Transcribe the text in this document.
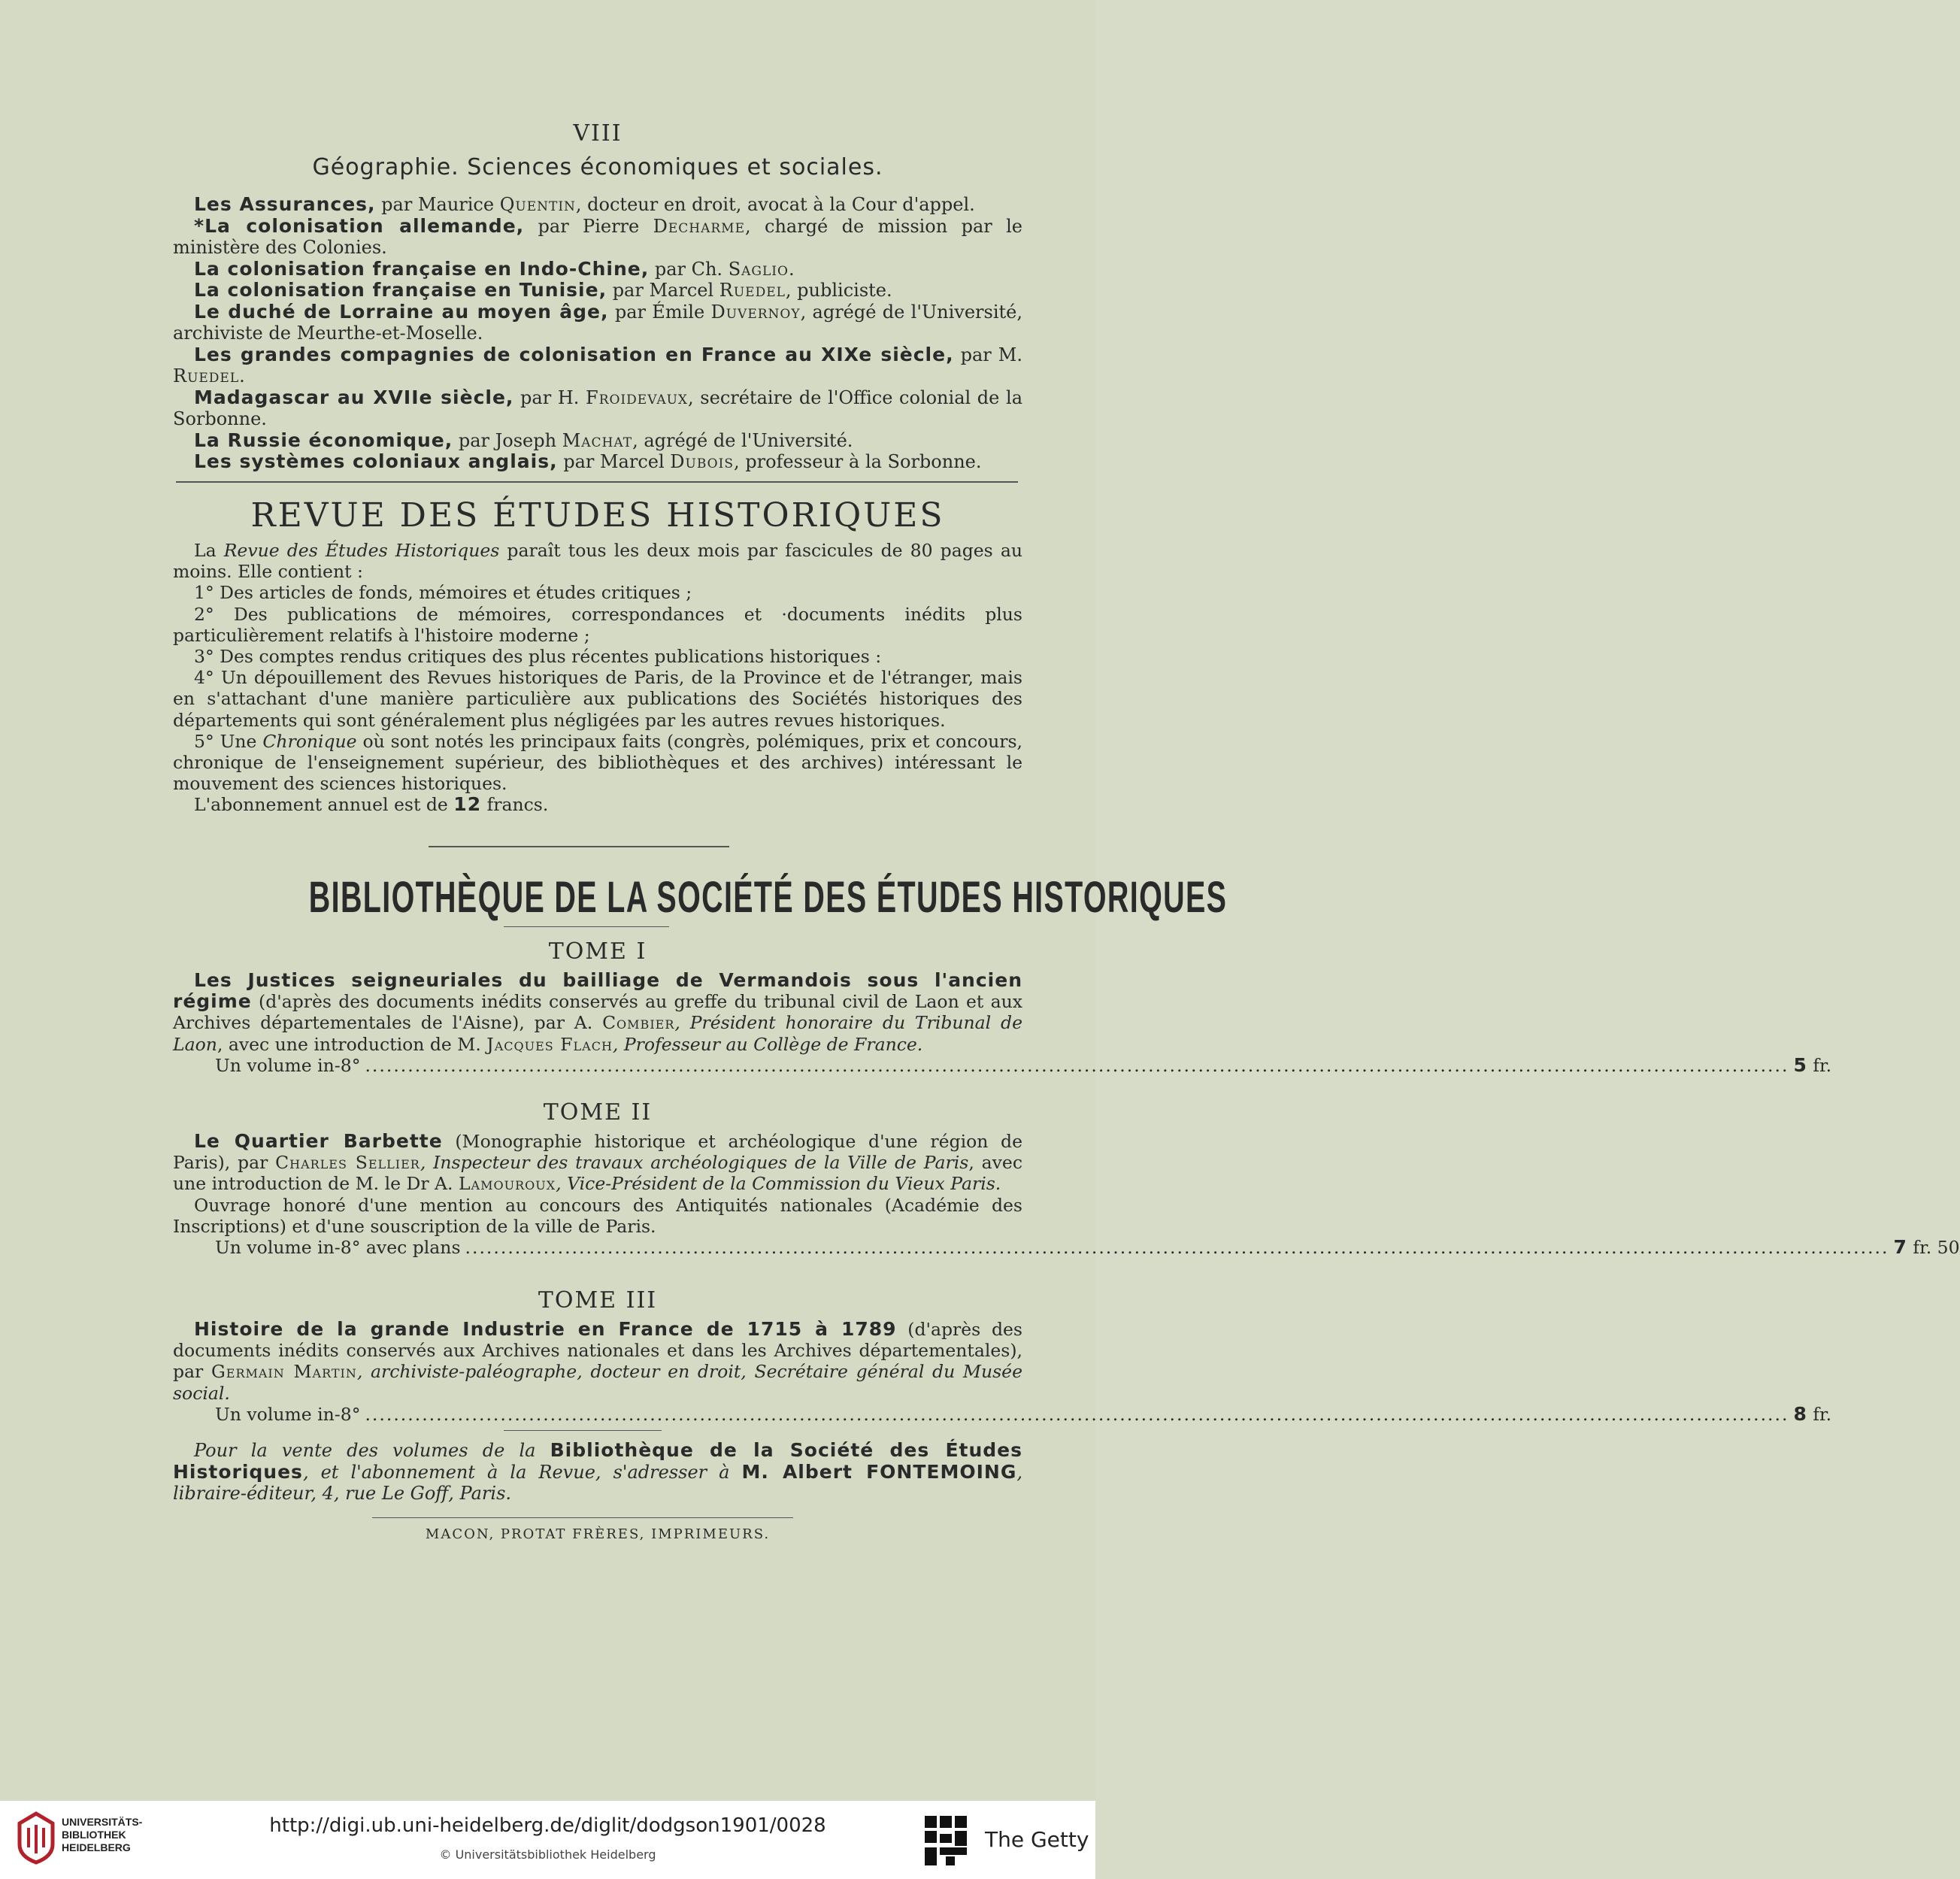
VIII
Géographie. Sciences économiques et sociales.

Les Assurances, par Maurice Quentin, docteur en droit, avocat à la Cour d'appel.

*La colonisation allemande, par Pierre Decharme, chargé de mission par le ministère des Colonies.

La colonisation française en Indo-Chine, par Ch. Saglio.

La colonisation française en Tunisie, par Marcel Ruedel, publiciste.

Le duché de Lorraine au moyen âge, par Émile Duvernoy, agrégé de l'Université, archiviste de Meurthe-et-Moselle.

Les grandes compagnies de colonisation en France au XIXe siècle, par M. Ruedel.

Madagascar au XVIIe siècle, par H. Froidevaux, secrétaire de l'Office colonial de la Sorbonne.

La Russie économique, par Joseph Machat, agrégé de l'Université.

Les systèmes coloniaux anglais, par Marcel Dubois, professeur à la Sorbonne.

REVUE DES ÉTUDES HISTORIQUES

La Revue des Études Historiques paraît tous les deux mois par fascicules de 80 pages au moins. Elle contient :

1° Des articles de fonds, mémoires et études critiques ;

2° Des publications de mémoires, correspondances et ·documents inédits plus particulièrement relatifs à l'histoire moderne ;

3° Des comptes rendus critiques des plus récentes publications historiques :

4° Un dépouillement des Revues historiques de Paris, de la Province et de l'étranger, mais en s'attachant d'une manière particulière aux publications des Sociétés historiques des départements qui sont généralement plus négligées par les autres revues historiques.

5° Une Chronique où sont notés les principaux faits (congrès, polémiques, prix et concours, chronique de l'enseignement supérieur, des bibliothèques et des archives) intéressant le mouvement des sciences historiques.

L'abonnement annuel est de 12 francs.

BIBLIOTHÈQUE DE LA SOCIÉTÉ DES ÉTUDES HISTORIQUES
TOME I

Les Justices seigneuriales du bailliage de Vermandois sous l'ancien régime (d'après des documents inédits conservés au greffe du tribunal civil de Laon et aux Archives départementales de l'Aisne), par A. Combier, Président honoraire du Tribunal de Laon, avec une introduction de M. Jacques Flach, Professeur au Collège de France.

Un volume in-8° ........................................................................................................................................................................................................ 5 fr.
TOME II

Le Quartier Barbette (Monographie historique et archéologique d'une région de Paris), par Charles Sellier, Inspecteur des travaux archéologiques de la Ville de Paris, avec une introduction de M. le Dr A. Lamouroux, Vice-Président de la Commission du Vieux Paris.

Ouvrage honoré d'une mention au concours des Antiquités nationales (Académie des Inscriptions) et d'une souscription de la ville de Paris.

Un volume in-8° avec plans ........................................................................................................................................................................................................ 7 fr. 50
TOME III

Histoire de la grande Industrie en France de 1715 à 1789 (d'après des documents inédits conservés aux Archives nationales et dans les Archives départementales), par Germain Martin, archiviste-paléographe, docteur en droit, Secrétaire général du Musée social.

Un volume in-8° ........................................................................................................................................................................................................ 8 fr.

Pour la vente des volumes de la Bibliothèque de la Société des Études Historiques, et l'abonnement à la Revue, s'adresser à M. Albert FONTEMOING, libraire-éditeur, 4, rue Le Goff, Paris.

MACON, PROTAT FRÈRES, IMPRIMEURS.
UNIVERSITÄTS-
BIBLIOTHEK
HEIDELBERG
http://digi.ub.uni-heidelberg.de/diglit/dodgson1901/0028
© Universitätsbibliothek Heidelberg
The Getty
